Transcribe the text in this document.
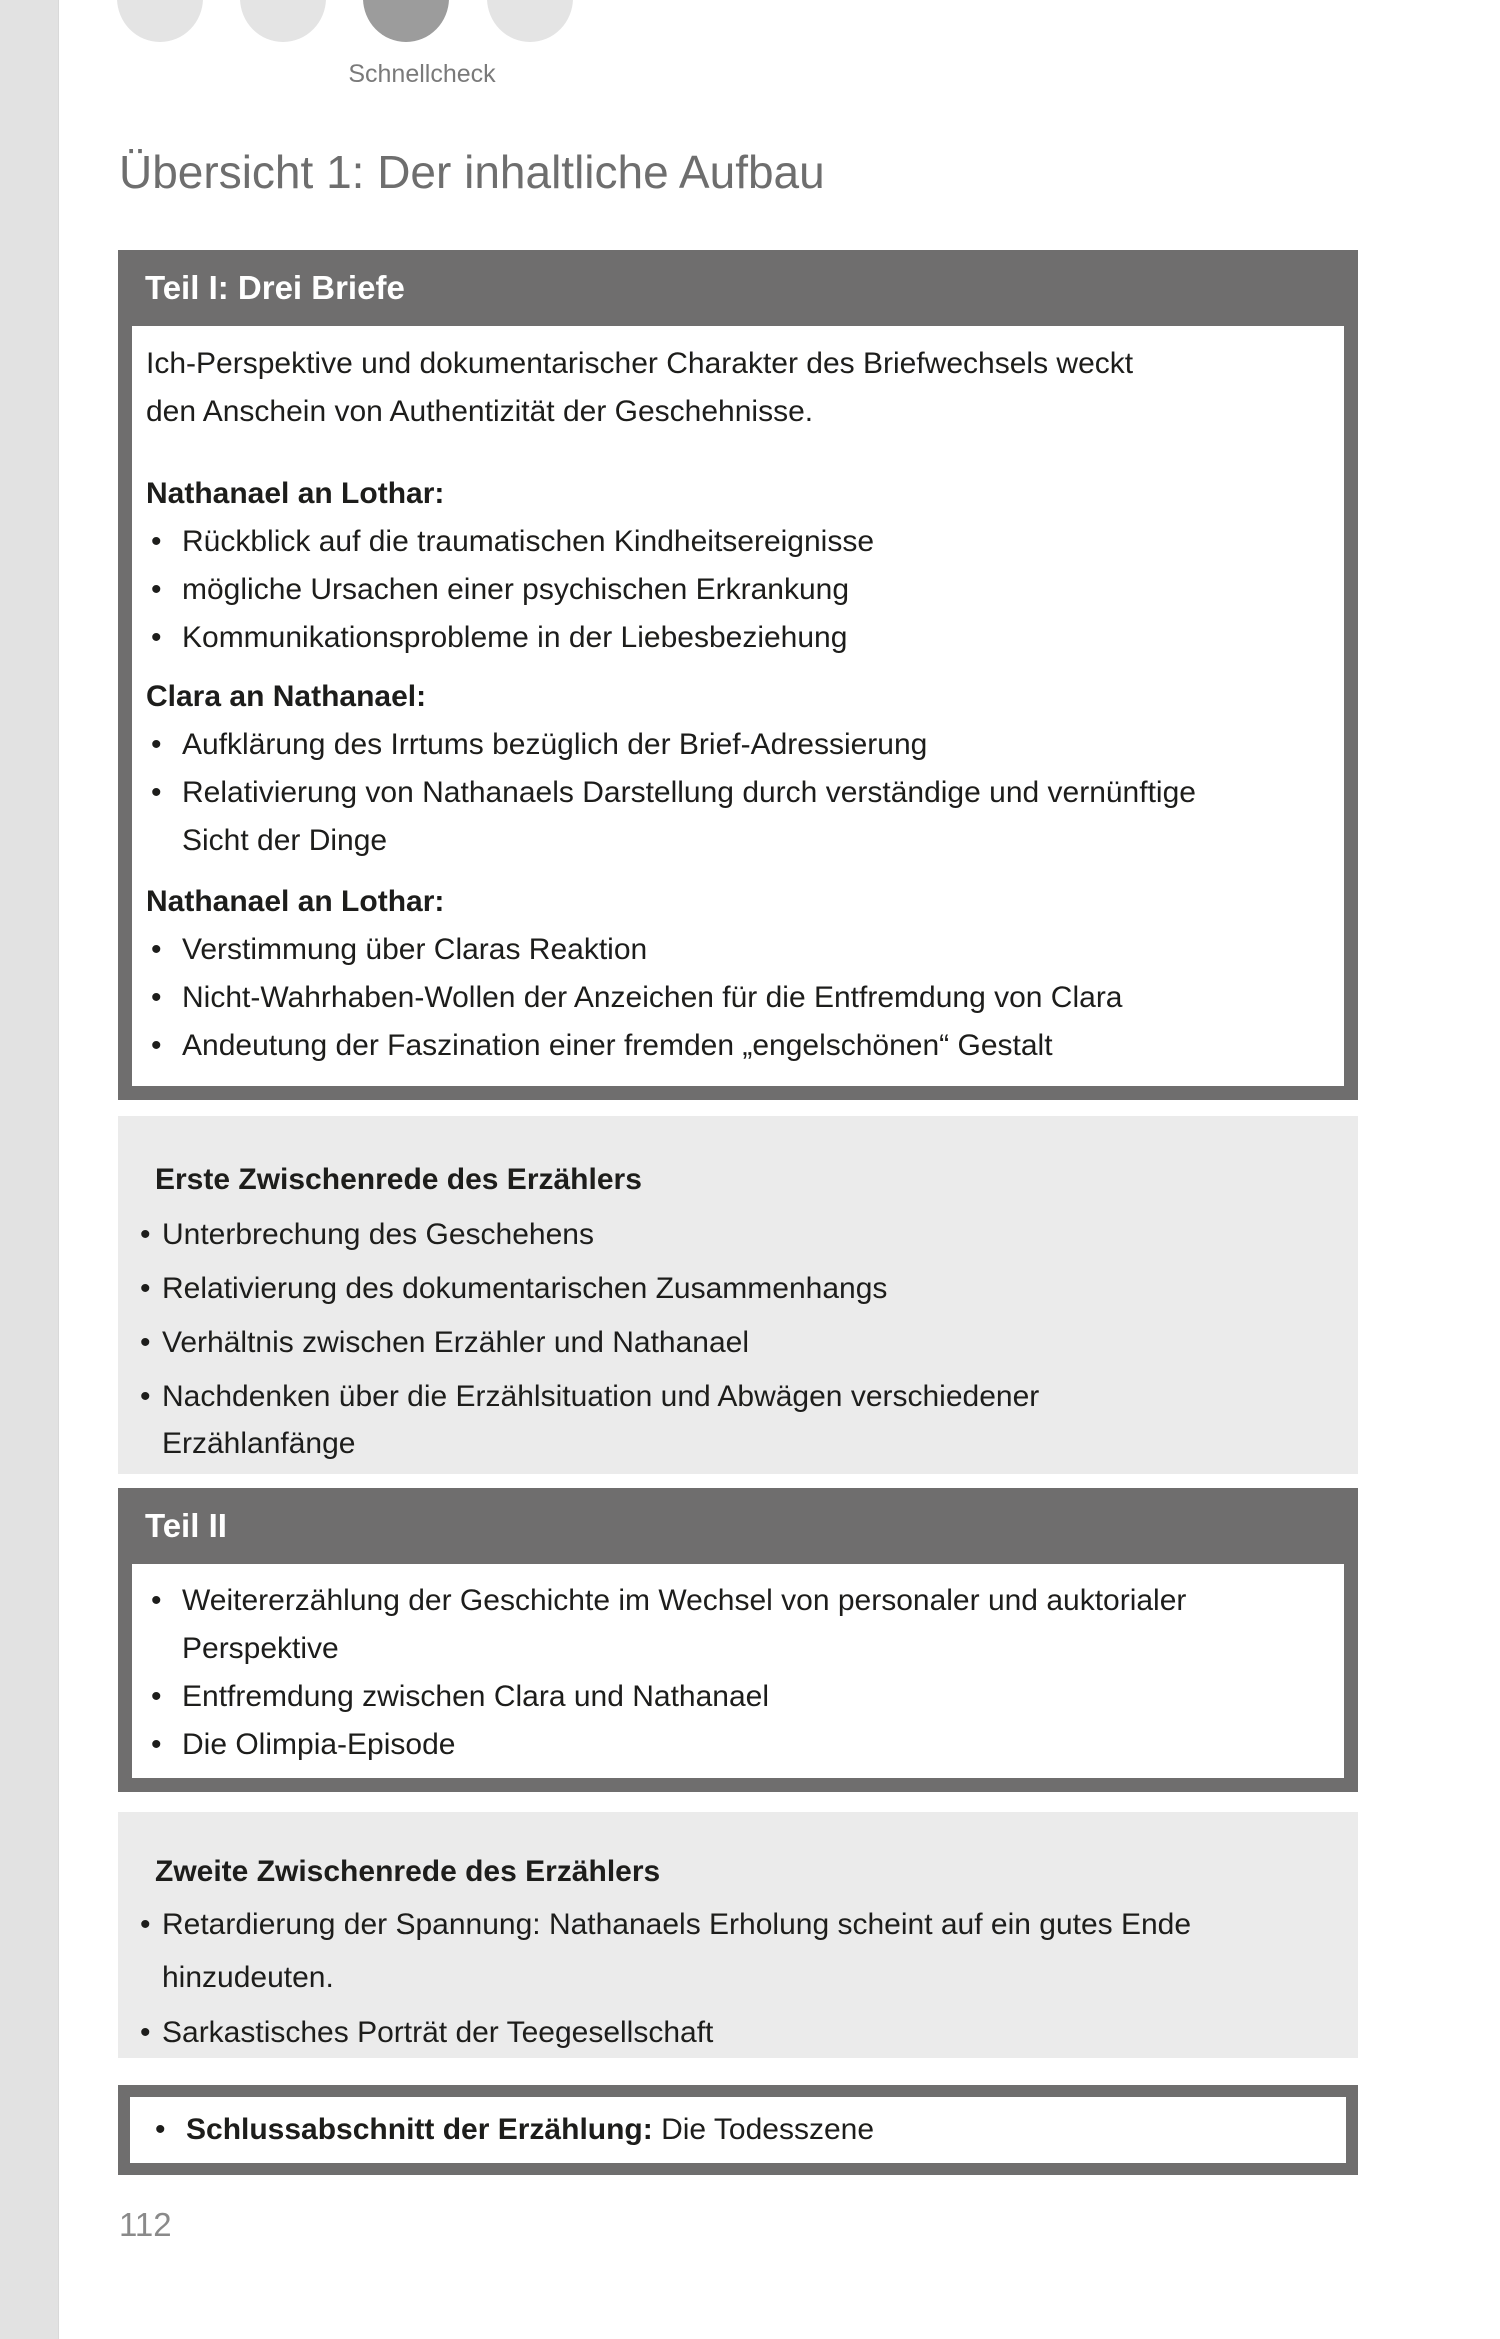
Schnellcheck
Übersicht 1: Der inhaltliche Aufbau
Teil I: Drei Briefe

Ich-Perspektive und dokumentarischer Charakter des Briefwechsels weckt
den Anschein von Authentizität der Geschehnisse.

Nathanael an Lothar:
• Rückblick auf die traumatischen Kindheitsereignisse
• mögliche Ursachen einer psychischen Erkrankung
• Kommunikationsprobleme in der Liebesbeziehung
Clara an Nathanael:
• Aufklärung des Irrtums bezüglich der Brief-Adressierung
• Relativierung von Nathanaels Darstellung durch verständige und vernünftige
Sicht der Dinge
Nathanael an Lothar:
• Verstimmung über Claras Reaktion
• Nicht-Wahrhaben-Wollen der Anzeichen für die Entfremdung von Clara
• Andeutung der Faszination einer fremden „engelschönen“ Gestalt
Erste Zwischenrede des Erzählers
• Unterbrechung des Geschehens
• Relativierung des dokumentarischen Zusammenhangs
• Verhältnis zwischen Erzähler und Nathanael
• Nachdenken über die Erzählsituation und Abwägen verschiedener
Erzählanfänge
Teil II
• Weitererzählung der Geschichte im Wechsel von personaler und auktorialer
Perspektive
• Entfremdung zwischen Clara und Nathanael
• Die Olimpia-Episode
Zweite Zwischenrede des Erzählers
• Retardierung der Spannung: Nathanaels Erholung scheint auf ein gutes Ende
hinzudeuten.
• Sarkastisches Porträt der Teegesellschaft
• Schlussabschnitt der Erzählung:
Die Todesszene
112
